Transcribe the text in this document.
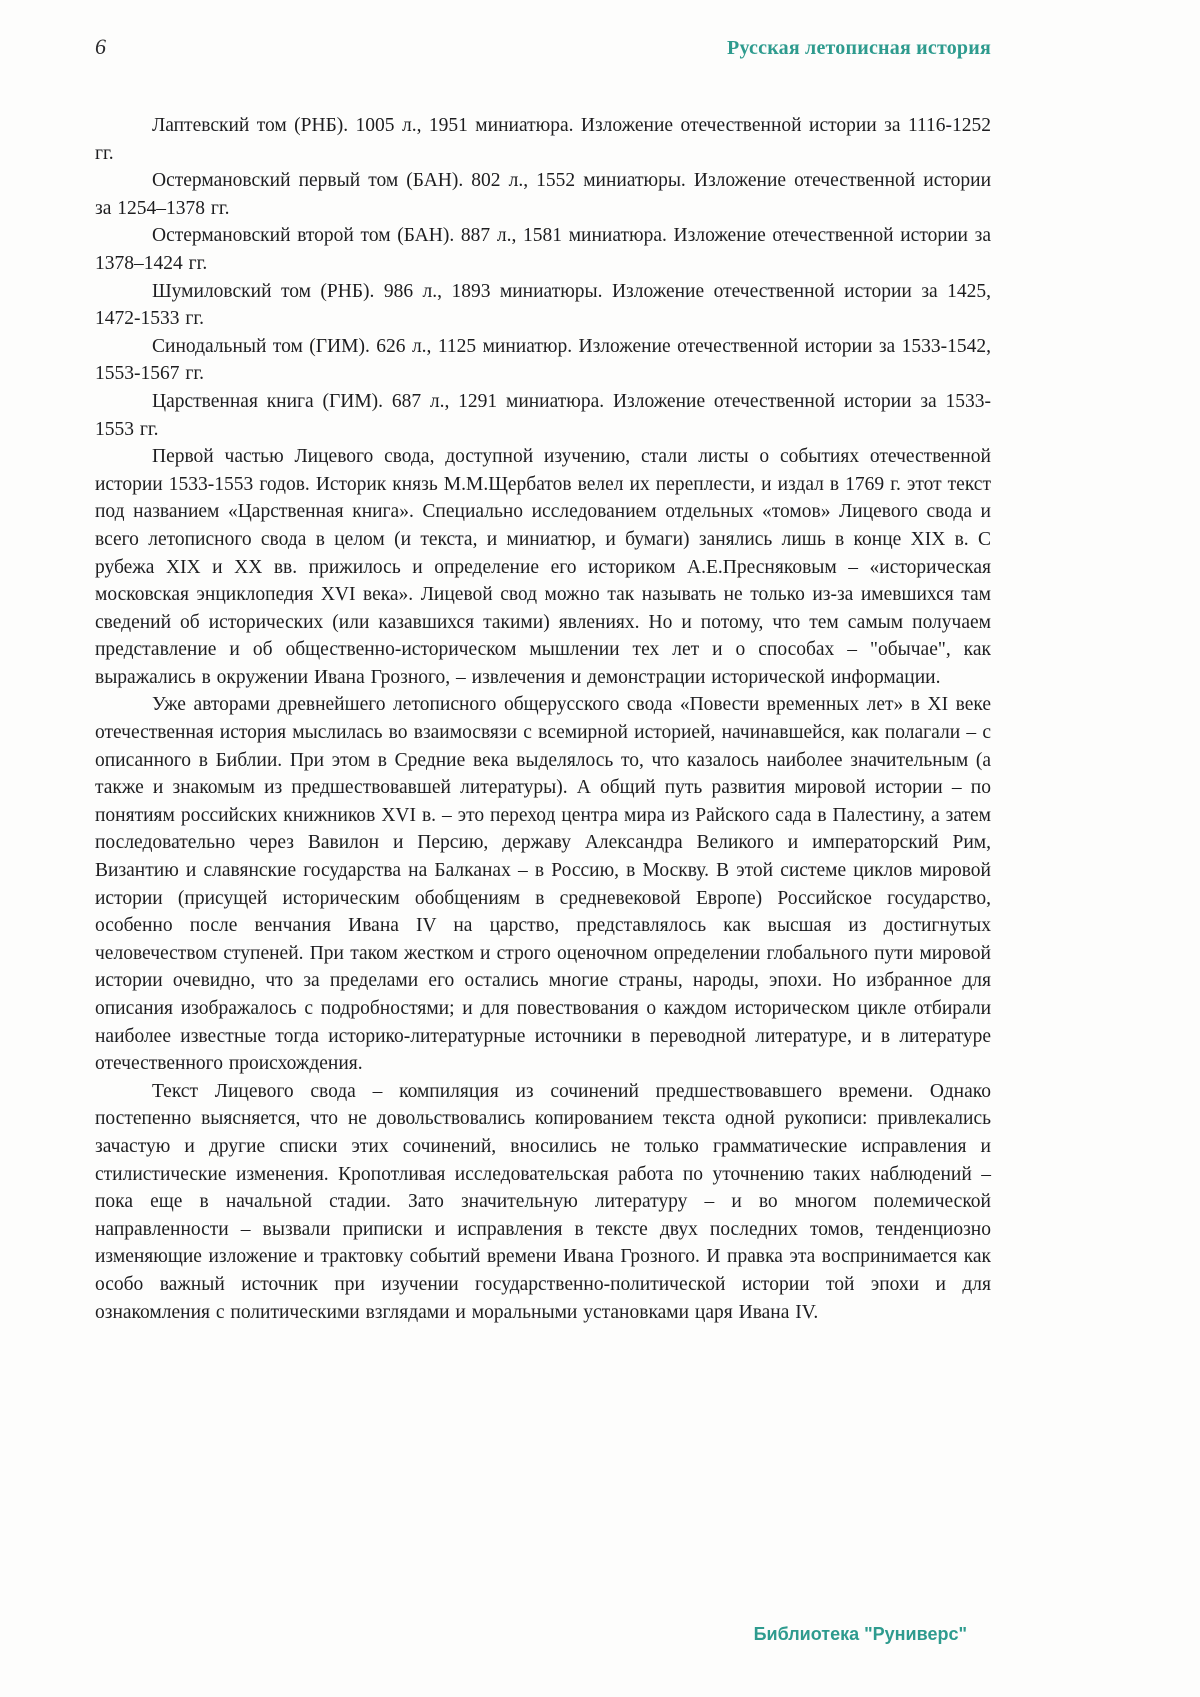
6	Русская летописная история

Лаптевский том (РНБ). 1005 л., 1951 миниатюра. Изложение отечественной истории за 1116-1252 гг.

Остермановский первый том (БАН). 802 л., 1552 миниатюры. Изложение отечественной истории за 1254–1378 гг.

Остермановский второй том (БАН). 887 л., 1581 миниатюра. Изложение отечественной истории за 1378–1424 гг.

Шумиловский том (РНБ). 986 л., 1893 миниатюры. Изложение отечественной истории за 1425, 1472-1533 гг.

Синодальный том (ГИМ). 626 л., 1125 миниатюр. Изложение отечественной истории за 1533-1542, 1553-1567 гг.

Царственная книга (ГИМ). 687 л., 1291 миниатюра. Изложение отечественной истории за 1533-1553 гг.

Первой частью Лицевого свода, доступной изучению, стали листы о событиях отечественной истории 1533-1553 годов. Историк князь М.М.Щербатов велел их переплести, и издал в 1769 г. этот текст под названием «Царственная книга». Специально исследованием отдельных «томов» Лицевого свода и всего летописного свода в целом (и текста, и миниатюр, и бумаги) занялись лишь в конце XIX в. С рубежа XIX и XX вв. прижилось и определение его историком А.Е.Пресняковым – «историческая московская энциклопедия XVI века». Лицевой свод можно так называть не только из-за имевшихся там сведений об исторических (или казавшихся такими) явлениях. Но и потому, что тем самым получаем представление и об общественно-историческом мышлении тех лет и о способах – "обычае", как выражались в окружении Ивана Грозного, – извлечения и демонстрации исторической информации.

Уже авторами древнейшего летописного общерусского свода «Повести временных лет» в XI веке отечественная история мыслилась во взаимосвязи с всемирной историей, начинавшейся, как полагали – с описанного в Библии. При этом в Средние века выделялось то, что казалось наиболее значительным (а также и знакомым из предшествовавшей литературы). А общий путь развития мировой истории – по понятиям российских книжников XVI в. – это переход центра мира из Райского сада в Палестину, а затем последовательно через Вавилон и Персию, державу Александра Великого и императорский Рим, Византию и славянские государства на Балканах – в Россию, в Москву. В этой системе циклов мировой истории (присущей историческим обобщениям в средневековой Европе) Российское государство, особенно после венчания Ивана IV на царство, представлялось как высшая из достигнутых человечеством ступеней. При таком жестком и строго оценочном определении глобального пути мировой истории очевидно, что за пределами его остались многие страны, народы, эпохи. Но избранное для описания изображалось с подробностями; и для повествования о каждом историческом цикле отбирали наиболее известные тогда историко-литературные источники в переводной литературе, и в литературе отечественного происхождения.

Текст Лицевого свода – компиляция из сочинений предшествовавшего времени. Однако постепенно выясняется, что не довольствовались копированием текста одной рукописи: привлекались зачастую и другие списки этих сочинений, вносились не только грамматические исправления и стилистические изменения. Кропотливая исследовательская работа по уточнению таких наблюдений – пока еще в начальной стадии. Зато значительную литературу – и во многом полемической направленности – вызвали приписки и исправления в тексте двух последних томов, тенденциозно изменяющие изложение и трактовку событий времени Ивана Грозного. И правка эта воспринимается как особо важный источник при изучении государственно-политической истории той эпохи и для ознакомления с политическими взглядами и моральными установками царя Ивана IV.

Библиотека "Руниверс"
